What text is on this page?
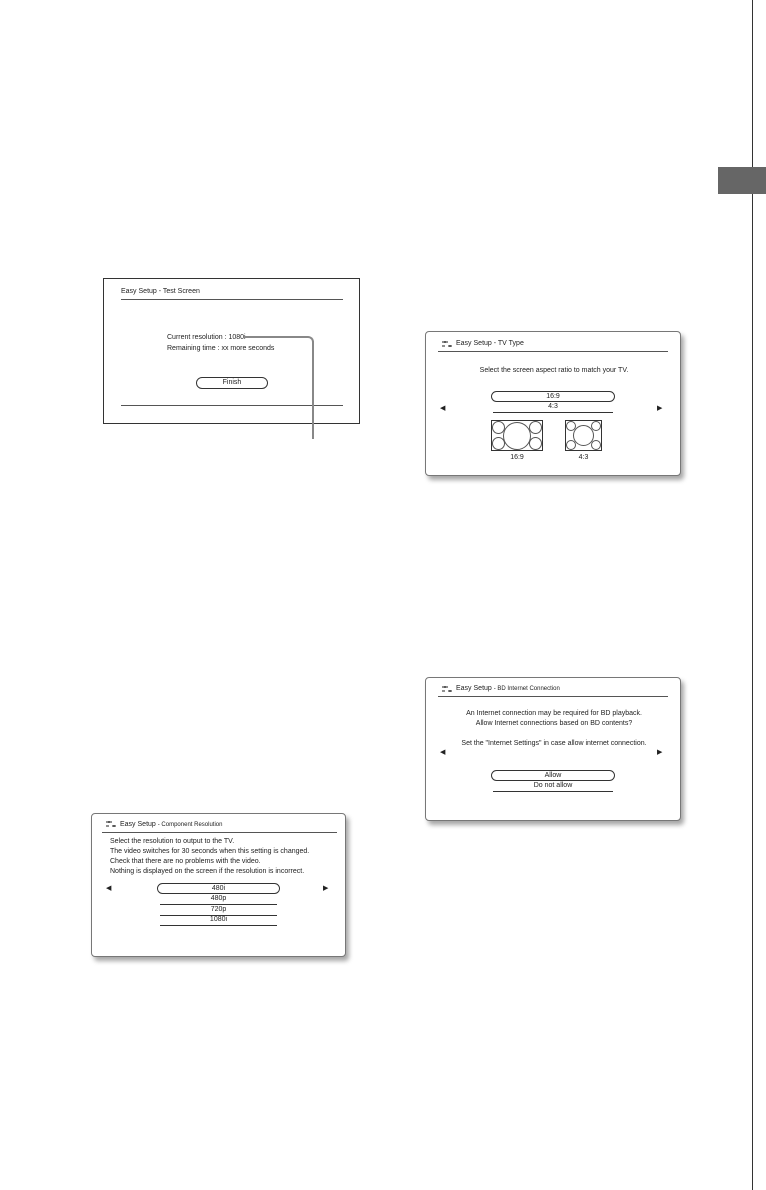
Easy Setup - Test Screen
Current resolution : 1080i
Remaining time : xx more seconds
Finish
Easy Setup - TV Type
Select the screen aspect ratio to match your TV.
◀	▶
16:9
4:3
16:9	4:3
Easy Setup - BD Internet Connection
An Internet connection may be required for BD playback.
Allow Internet connections based on BD contents?
Set the "Internet Settings" in case allow internet connection.
◀	▶
Allow
Do not allow
Easy Setup - Component Resolution
Select the resolution to output to the TV.
The video switches for 30 seconds when this setting is changed.
Check that there are no problems with the video.
Nothing is displayed on the screen if the resolution is incorrect.
◀	▶
480i
480p
720p
1080i
